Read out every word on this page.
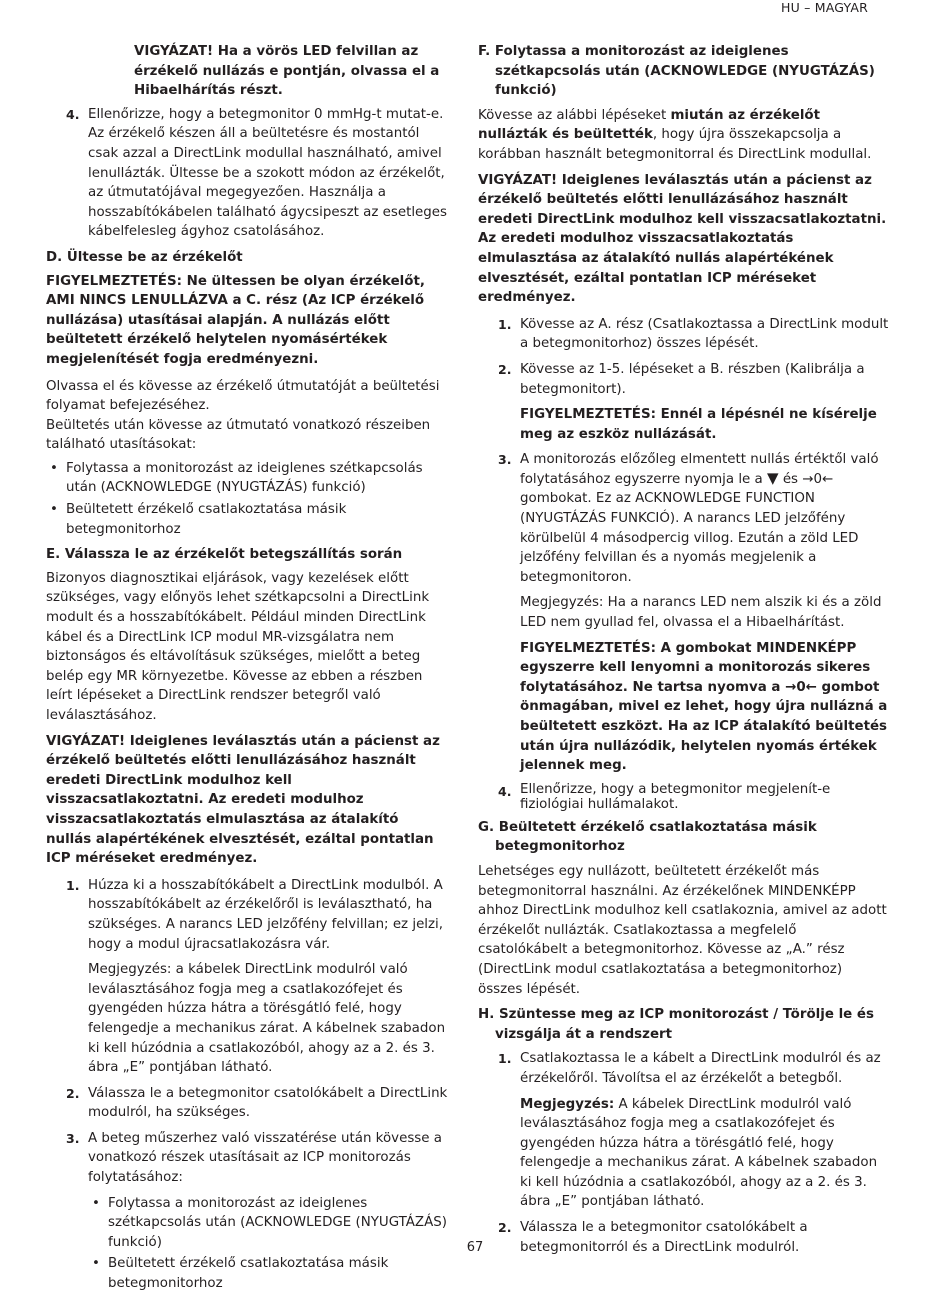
HU – MAGYAR

VIGYÁZAT! Ha a vörös LED felvillan az érzékelő nullázás e pontján, olvassa el a Hibaelhárítás részt.

4. Ellenőrizze, hogy a betegmonitor 0 mmHg-t mutat-e. Az érzékelő készen áll a beültetésre és mostantól csak azzal a DirectLink modullal használható, amivel lenullázták. Ültesse be a szokott módon az érzékelőt, az útmutatójával megegyezően. Használja a hosszabítókábelen található ágycsipeszt az esetleges kábelfelesleg ágyhoz csatolásához.

D. Ültesse be az érzékelőt

FIGYELMEZTETÉS: Ne ültessen be olyan érzékelőt, AMI NINCS LENULLÁZVA a C. rész (Az ICP érzékelő nullázása) utasításai alapján. A nullázás előtt beültetett érzékelő helytelen nyomásértékek megjelenítését fogja eredményezni.

Olvassa el és kövesse az érzékelő útmutatóját a beültetési folyamat befejezéséhez.

Beültetés után kövesse az útmutató vonatkozó részeiben található utasításokat:

• Folytassa a monitorozást az ideiglenes szétkapcsolás után (ACKNOWLEDGE (NYUGTÁZÁS) funkció)
• Beültetett érzékelő csatlakoztatása másik betegmonitorhoz

E. Válassza le az érzékelőt betegszállítás során

Bizonyos diagnosztikai eljárások, vagy kezelések előtt szükséges, vagy előnyös lehet szétkapcsolni a DirectLink modult és a hosszabítókábelt. Például minden DirectLink kábel és a DirectLink ICP modul MR-vizsgálatra nem biztonságos és eltávolításuk szükséges, mielőtt a beteg belép egy MR környezetbe. Kövesse az ebben a részben leírt lépéseket a DirectLink rendszer betegről való leválasztásához.

VIGYÁZAT! Ideiglenes leválasztás után a pácienst az érzékelő beültetés előtti lenullázásához használt eredeti DirectLink modulhoz kell visszacsatlakoztatni. Az eredeti modulhoz visszacsatlakoztatás elmulasztása az átalakító nullás alapértékének elvesztését, ezáltal pontatlan ICP méréseket eredményez.

1. Húzza ki a hosszabítókábelt a DirectLink modulból. A hosszabítókábelt az érzékelőről is leválasztható, ha szükséges. A narancs LED jelzőfény felvillan; ez jelzi, hogy a modul újracsatlakozásra vár.

Megjegyzés: a kábelek DirectLink modulról való leválasztásához fogja meg a csatlakozófejet és gyengéden húzza hátra a törésgátló felé, hogy felengedje a mechanikus zárat. A kábelnek szabadon ki kell húzódnia a csatlakozóból, ahogy az a 2. és 3. ábra „E” pontjában látható.

2. Válassza le a betegmonitor csatolókábelt a DirectLink modulról, ha szükséges.

3. A beteg műszerhez való visszatérése után kövesse a vonatkozó részek utasításait az ICP monitorozás folytatásához:

• Folytassa a monitorozást az ideiglenes szétkapcsolás után (ACKNOWLEDGE (NYUGTÁZÁS) funkció)
• Beültetett érzékelő csatlakoztatása másik betegmonitorhoz

F. Folytassa a monitorozást az ideiglenes szétkapcsolás után (ACKNOWLEDGE (NYUGTÁZÁS) funkció)

Kövesse az alábbi lépéseket miután az érzékelőt nullázták és beültették, hogy újra összekapcsolja a korábban használt betegmonitorral és DirectLink modullal.

VIGYÁZAT! Ideiglenes leválasztás után a pácienst az érzékelő beültetés előtti lenullázásához használt eredeti DirectLink modulhoz kell visszacsatlakoztatni. Az eredeti modulhoz visszacsatlakoztatás elmulasztása az átalakító nullás alapértékének elvesztését, ezáltal pontatlan ICP méréseket eredményez.

1. Kövesse az A. rész (Csatlakoztassa a DirectLink modult a betegmonitorhoz) összes lépését.

2. Kövesse az 1-5. lépéseket a B. részben (Kalibrálja a betegmonitort).

FIGYELMEZTETÉS: Ennél a lépésnél ne kísérelje meg az eszköz nullázását.

3. A monitorozás előzőleg elmentett nullás értéktől való folytatásához egyszerre nyomja le a ▼ és →0← gombokat. Ez az ACKNOWLEDGE FUNCTION (NYUGTÁZÁS FUNKCIÓ). A narancs LED jelzőfény körülbelül 4 másodpercig villog. Ezután a zöld LED jelzőfény felvillan és a nyomás megjelenik a betegmonitoron.

Megjegyzés: Ha a narancs LED nem alszik ki és a zöld LED nem gyullad fel, olvassa el a Hibaelhárítást.

FIGYELMEZTETÉS: A gombokat MINDENKÉPP egyszerre kell lenyomni a monitorozás sikeres folytatásához. Ne tartsa nyomva a →0← gombot önmagában, mivel ez lehet, hogy újra nullázná a beültetett eszközt. Ha az ICP átalakító beültetés után újra nullázódik, helytelen nyomás értékek jelennek meg.

4. Ellenőrizze, hogy a betegmonitor megjelenít-e fiziológiai hullámalakot.

G. Beültetett érzékelő csatlakoztatása másik betegmonitorhoz

Lehetséges egy nullázott, beültetett érzékelőt más betegmonitorral használni. Az érzékelőnek MINDENKÉPP ahhoz DirectLink modulhoz kell csatlakoznia, amivel az adott érzékelőt nullázták. Csatlakoztassa a megfelelő csatolókábelt a betegmonitorhoz. Kövesse az „A.” rész (DirectLink modul csatlakoztatása a betegmonitorhoz) összes lépését.

H. Szüntesse meg az ICP monitorozást / Törölje le és vizsgálja át a rendszert

1. Csatlakoztassa le a kábelt a DirectLink modulról és az érzékelőről. Távolítsa el az érzékelőt a betegből.

Megjegyzés: A kábelek DirectLink modulról való leválasztásához fogja meg a csatlakozófejet és gyengéden húzza hátra a törésgátló felé, hogy felengedje a mechanikus zárat. A kábelnek szabadon ki kell húzódnia a csatlakozóból, ahogy az a 2. és 3. ábra „E” pontjában látható.

2. Válassza le a betegmonitor csatolókábelt a betegmonitorról és a DirectLink modulról.

67
